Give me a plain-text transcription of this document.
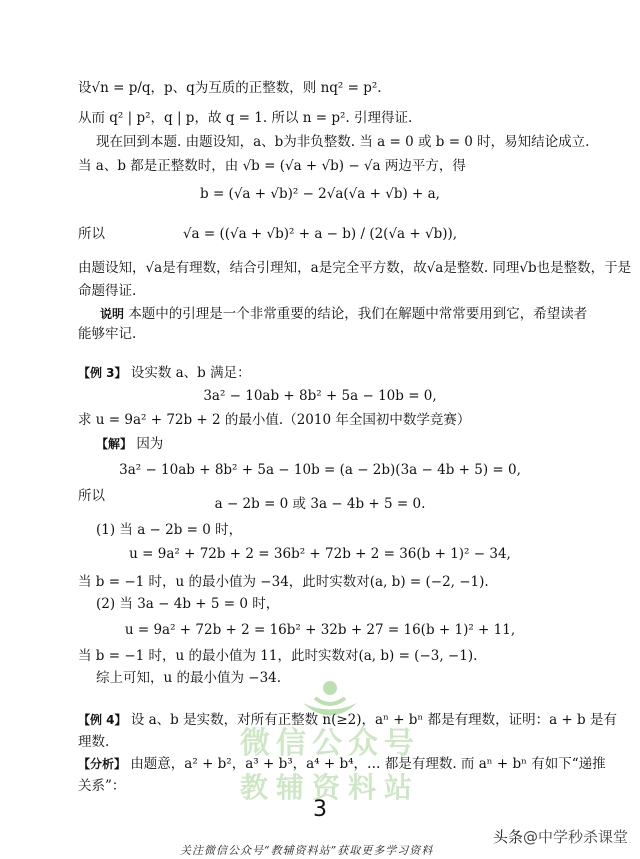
设√n = p/q，p、q为互质的正整数，则 nq² = p².
从而 q² | p²，q | p，故 q = 1. 所以 n = p². 引理得证.
现在回到本题. 由题设知，a、b为非负整数. 当 a = 0 或 b = 0 时，易知结论成立.
当 a、b 都是正整数时，由 √b = (√a + √b) − √a 两边平方，得
b = (√a + √b)² − 2√a(√a + √b) + a,
所以	√a = ((√a + √b)² + a − b) / (2(√a + √b)),
由题设知，√a是有理数，结合引理知，a是完全平方数，故√a是整数. 同理√b也是整数，于是
命题得证.
说明 本题中的引理是一个非常重要的结论，我们在解题中常常要用到它，希望读者
能够牢记.
【例 3】 设实数 a、b 满足：
3a² − 10ab + 8b² + 5a − 10b = 0,
求 u = 9a² + 72b + 2 的最小值.（2010 年全国初中数学竞赛）
【解】 因为
3a² − 10ab + 8b² + 5a − 10b = (a − 2b)(3a − 4b + 5) = 0,
所以	a − 2b = 0 或 3a − 4b + 5 = 0.
(1) 当 a − 2b = 0 时，
u = 9a² + 72b + 2 = 36b² + 72b + 2 = 36(b + 1)² − 34,
当 b = −1 时，u 的最小值为 −34，此时实数对(a, b) = (−2, −1).
(2) 当 3a − 4b + 5 = 0 时，
u = 9a² + 72b + 2 = 16b² + 32b + 27 = 16(b + 1)² + 11,
当 b = −1 时，u 的最小值为 11，此时实数对(a, b) = (−3, −1).
综上可知，u 的最小值为 −34.
微信公众号
教辅资料站
【例 4】 设 a、b 是实数，对所有正整数 n(≥2)，aⁿ + bⁿ 都是有理数，证明：a + b 是有
理数.
【分析】 由题意，a² + b²，a³ + b³，a⁴ + b⁴，… 都是有理数. 而 aⁿ + bⁿ 有如下“递推
关系”：
3
关注微信公众号“教辅资料站”获取更多学习资料
头条@中学秒杀课堂
